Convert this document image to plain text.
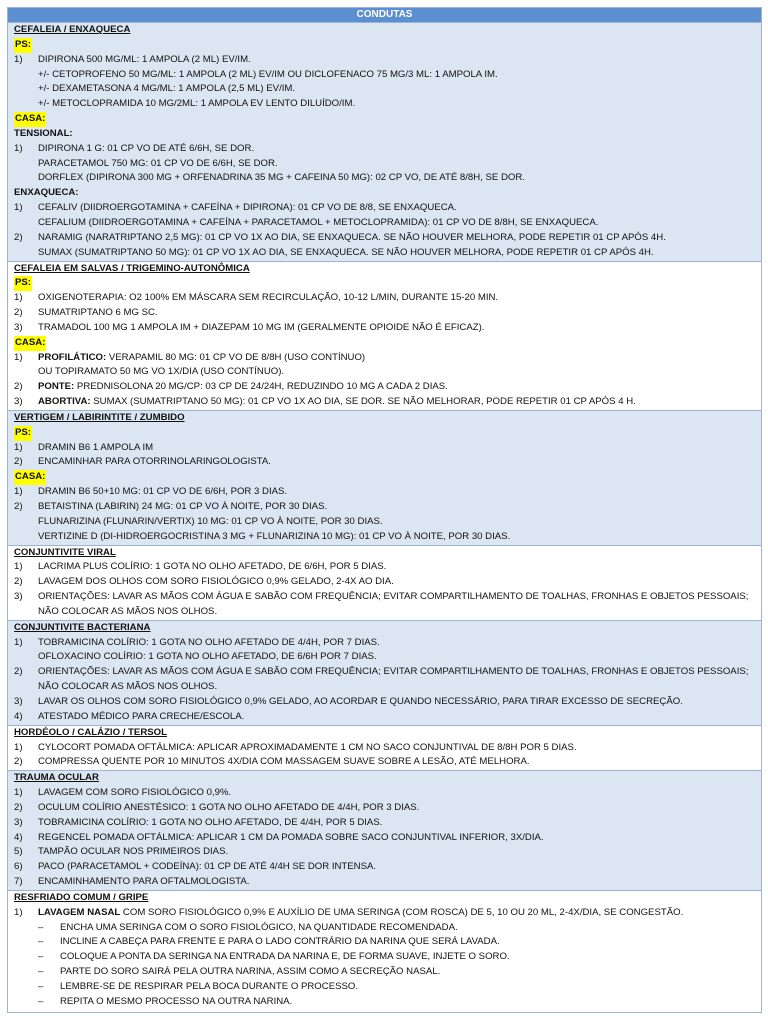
CONDUTAS
CEFALEIA / ENXAQUECA
PS:
1) DIPIRONA 500 MG/ML: 1 AMPOLA (2 ML) EV/IM.
+/- CETOPROFENO 50 MG/ML: 1 AMPOLA (2 ML) EV/IM OU DICLOFENACO 75 MG/3 ML: 1 AMPOLA IM.
+/- DEXAMETASONA 4 MG/ML: 1 AMPOLA (2,5 ML) EV/IM.
+/- METOCLOPRAMIDA 10 MG/2ML: 1 AMPOLA EV LENTO DILUÍDO/IM.
CASA:
TENSIONAL:
1) DIPIRONA 1 G: 01 CP VO DE ATÉ 6/6H, SE DOR.
PARACETAMOL 750 MG: 01 CP VO DE 6/6H, SE DOR.
DORFLEX (DIPIRONA 300 MG + ORFENADRINA 35 MG + CAFEINA 50 MG): 02 CP VO, DE ATÉ 8/8H, SE DOR.
ENXAQUECA:
1) CEFALIV (DIIDROERGOTAMINA + CAFEÍNA + DIPIRONA): 01 CP VO DE 8/8, SE ENXAQUECA.
CEFALIUM (DIIDROERGOTAMINA + CAFEÍNA + PARACETAMOL + METOCLOPRAMIDA): 01 CP VO DE 8/8H, SE ENXAQUECA.
2) NARAMIG (NARATRIPTANO 2,5 MG): 01 CP VO 1X AO DIA, SE ENXAQUECA. SE NÃO HOUVER MELHORA, PODE REPETIR 01 CP APÓS 4H.
SUMAX (SUMATRIPTANO 50 MG): 01 CP VO 1X AO DIA, SE ENXAQUECA. SE NÃO HOUVER MELHORA, PODE REPETIR 01 CP APÓS 4H.
CEFALEIA EM SALVAS / TRIGEMINO-AUTONÔMICA
PS:
1) OXIGENOTERAPIA: O2 100% EM MÁSCARA SEM RECIRCULAÇÃO, 10-12 L/MIN, DURANTE 15-20 MIN.
2) SUMATRIPTANO 6 MG SC.
3) TRAMADOL 100 MG 1 AMPOLA IM + DIAZEPAM 10 MG IM (GERALMENTE OPIOIDE NÃO É EFICAZ).
CASA:
1) PROFILÁTICO: VERAPAMIL 80 MG: 01 CP VO DE 8/8H (USO CONTÍNUO)
OU TOPIRAMATO 50 MG VO 1X/DIA (USO CONTÍNUO).
2) PONTE: PREDNISOLONA 20 MG/CP: 03 CP DE 24/24H, REDUZINDO 10 MG A CADA 2 DIAS.
3) ABORTIVA: SUMAX (SUMATRIPTANO 50 MG): 01 CP VO 1X AO DIA, SE DOR. SE NÃO MELHORAR, PODE REPETIR 01 CP APÓS 4 H.
VERTIGEM / LABIRINTITE / ZUMBIDO
PS:
1) DRAMIN B6 1 AMPOLA IM
2) ENCAMINHAR PARA OTORRINOLARINGOLOGISTA.
CASA:
1) DRAMIN B6 50+10 MG: 01 CP VO DE 6/6H, POR 3 DIAS.
2) BETAISTINA (LABIRIN) 24 MG: 01 CP VO À NOITE, POR 30 DIAS.
FLUNARIZINA (FLUNARIN/VERTIX) 10 MG: 01 CP VO À NOITE, POR 30 DIAS.
VERTIZINE D (DI-HIDROERGOCRISTINA 3 MG + FLUNARIZINA 10 MG): 01 CP VO À NOITE, POR 30 DIAS.
CONJUNTIVITE VIRAL
1) LACRIMA PLUS COLÍRIO: 1 GOTA NO OLHO AFETADO, DE 6/6H, POR 5 DIAS.
2) LAVAGEM DOS OLHOS COM SORO FISIOLÓGICO 0,9% GELADO, 2-4X AO DIA.
3) ORIENTAÇÕES: LAVAR AS MÃOS COM ÁGUA E SABÃO COM FREQUÊNCIA; EVITAR COMPARTILHAMENTO DE TOALHAS, FRONHAS E OBJETOS PESSOAIS; NÃO COLOCAR AS MÃOS NOS OLHOS.
CONJUNTIVITE BACTERIANA
1) TOBRAMICINA COLÍRIO: 1 GOTA NO OLHO AFETADO DE 4/4H, POR 7 DIAS.
OFLOXACINO COLÍRIO: 1 GOTA NO OLHO AFETADO, DE 6/6H POR 7 DIAS.
2) ORIENTAÇÕES: LAVAR AS MÃOS COM ÁGUA E SABÃO COM FREQUÊNCIA; EVITAR COMPARTILHAMENTO DE TOALHAS, FRONHAS E OBJETOS PESSOAIS; NÃO COLOCAR AS MÃOS NOS OLHOS.
3) LAVAR OS OLHOS COM SORO FISIOLÓGICO 0,9% GELADO, AO ACORDAR E QUANDO NECESSÁRIO, PARA TIRAR EXCESSO DE SECREÇÃO.
4) ATESTADO MÉDICO PARA CRECHE/ESCOLA.
HORDÉOLO / CALÁZIO / TERSOL
1) CYLOCORT POMADA OFTÁLMICA: APLICAR APROXIMADAMENTE 1 CM NO SACO CONJUNTIVAL DE 8/8H POR 5 DIAS.
2) COMPRESSA QUENTE POR 10 MINUTOS 4X/DIA COM MASSAGEM SUAVE SOBRE A LESÃO, ATÉ MELHORA.
TRAUMA OCULAR
1) LAVAGEM COM SORO FISIOLÓGICO 0,9%.
2) OCULUM COLÍRIO ANESTÉSICO: 1 GOTA NO OLHO AFETADO DE 4/4H, POR 3 DIAS.
3) TOBRAMICINA COLÍRIO: 1 GOTA NO OLHO AFETADO, DE 4/4H, POR 5 DIAS.
4) REGENCEL POMADA OFTÁLMICA: APLICAR 1 CM DA POMADA SOBRE SACO CONJUNTIVAL INFERIOR, 3X/DIA.
5) TAMPÃO OCULAR NOS PRIMEIROS DIAS.
6) PACO (PARACETAMOL + CODEÍNA): 01 CP DE ATÉ 4/4H SE DOR INTENSA.
7) ENCAMINHAMENTO PARA OFTALMOLOGISTA.
RESFRIADO COMUM / GRIPE
1) LAVAGEM NASAL COM SORO FISIOLÓGICO 0,9% E AUXÍLIO DE UMA SERINGA (COM ROSCA) DE 5, 10 OU 20 ML, 2-4X/DIA, SE CONGESTÃO.
– ENCHA UMA SERINGA COM O SORO FISIOLÓGICO, NA QUANTIDADE RECOMENDADA.
– INCLINE A CABEÇA PARA FRENTE E PARA O LADO CONTRÁRIO DA NARINA QUE SERÁ LAVADA.
– COLOQUE A PONTA DA SERINGA NA ENTRADA DA NARINA E, DE FORMA SUAVE, INJETE O SORO.
– PARTE DO SORO SAIRÁ PELA OUTRA NARINA, ASSIM COMO A SECREÇÃO NASAL.
– LEMBRE-SE DE RESPIRAR PELA BOCA DURANTE O PROCESSO.
– REPITA O MESMO PROCESSO NA OUTRA NARINA.
